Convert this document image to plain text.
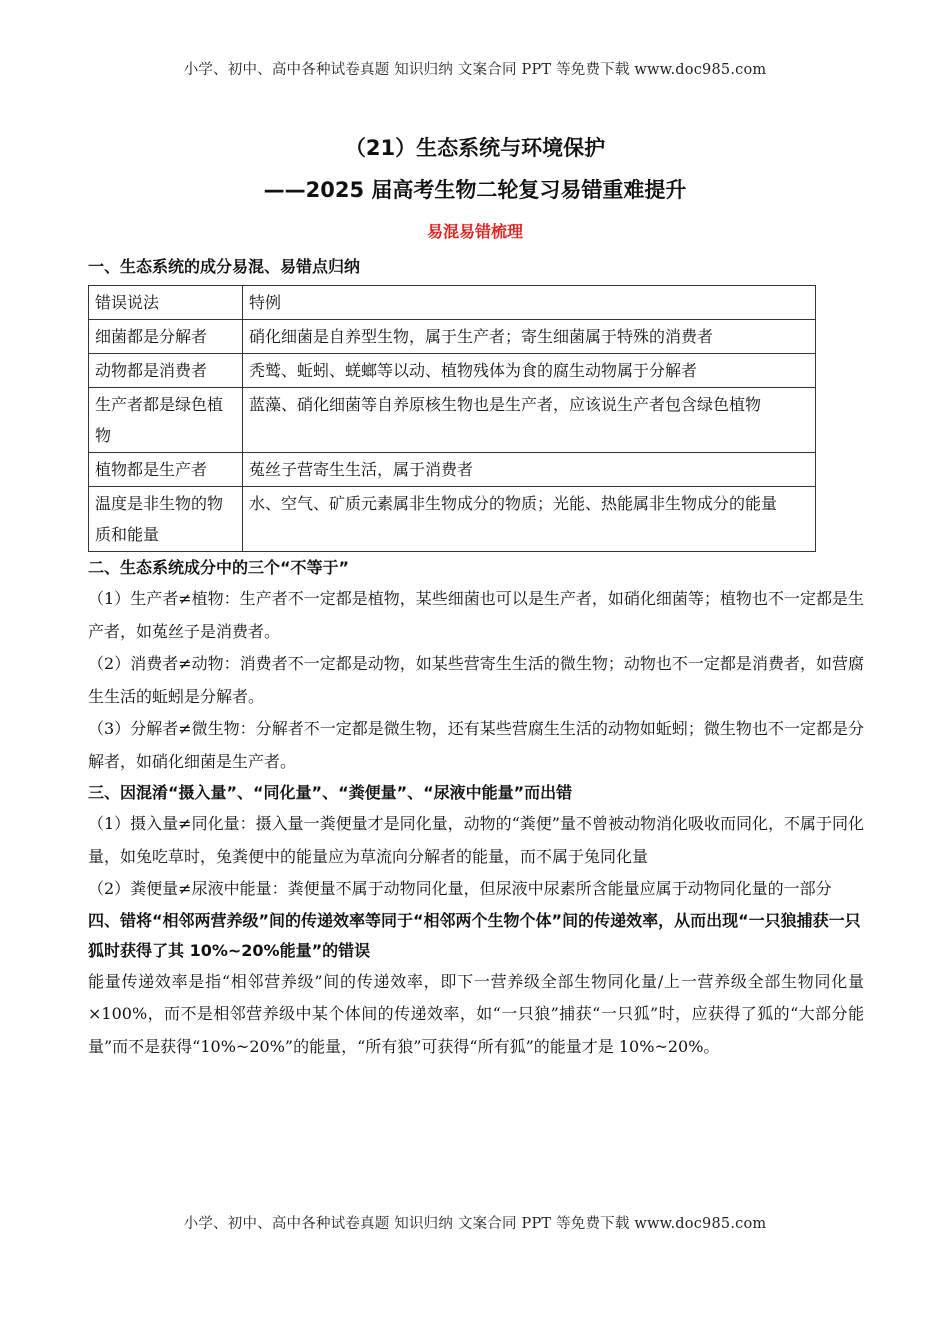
小学、初中、高中各种试卷真题 知识归纳 文案合同 PPT 等免费下载 www.doc985.com
（21）生态系统与环境保护
——2025 届高考生物二轮复习易错重难提升
易混易错梳理

一、生态系统的成分易混、易错点归纳

错误说法	特例
细菌都是分解者	硝化细菌是自养型生物，属于生产者；寄生细菌属于特殊的消费者
动物都是消费者	秃鹫、蚯蚓、蜣螂等以动、植物残体为食的腐生动物属于分解者
生产者都是绿色植物	蓝藻、硝化细菌等自养原核生物也是生产者，应该说生产者包含绿色植物
植物都是生产者	菟丝子营寄生生活，属于消费者
温度是非生物的物质和能量	水、空气、矿质元素属非生物成分的物质；光能、热能属非生物成分的能量

二、生态系统成分中的三个“不等于”

（1）生产者≠植物：生产者不一定都是植物，某些细菌也可以是生产者，如硝化细菌等；植物也不一定都是生产者，如菟丝子是消费者。

（2）消费者≠动物：消费者不一定都是动物，如某些营寄生生活的微生物；动物也不一定都是消费者，如营腐生生活的蚯蚓是分解者。

（3）分解者≠微生物：分解者不一定都是微生物，还有某些营腐生生活的动物如蚯蚓；微生物也不一定都是分解者，如硝化细菌是生产者。

三、因混淆“摄入量”、“同化量”、“粪便量”、“尿液中能量”而出错

（1）摄入量≠同化量：摄入量一粪便量才是同化量，动物的“粪便”量不曾被动物消化吸收而同化，不属于同化量，如兔吃草时，兔粪便中的能量应为草流向分解者的能量，而不属于兔同化量

（2）粪便量≠尿液中能量：粪便量不属于动物同化量，但尿液中尿素所含能量应属于动物同化量的一部分

四、错将“相邻两营养级”间的传递效率等同于“相邻两个生物个体”间的传递效率，从而出现“一只狼捕获一只狐时获得了其 10%~20%能量”的错误

能量传递效率是指“相邻营养级”间的传递效率，即下一营养级全部生物同化量/上一营养级全部生物同化量×100%，而不是相邻营养级中某个体间的传递效率，如“一只狼”捕获“一只狐”时，应获得了狐的“大部分能量”而不是获得“10%~20%”的能量，“所有狼”可获得“所有狐”的能量才是 10%~20%。

小学、初中、高中各种试卷真题 知识归纳 文案合同 PPT 等免费下载 www.doc985.com
